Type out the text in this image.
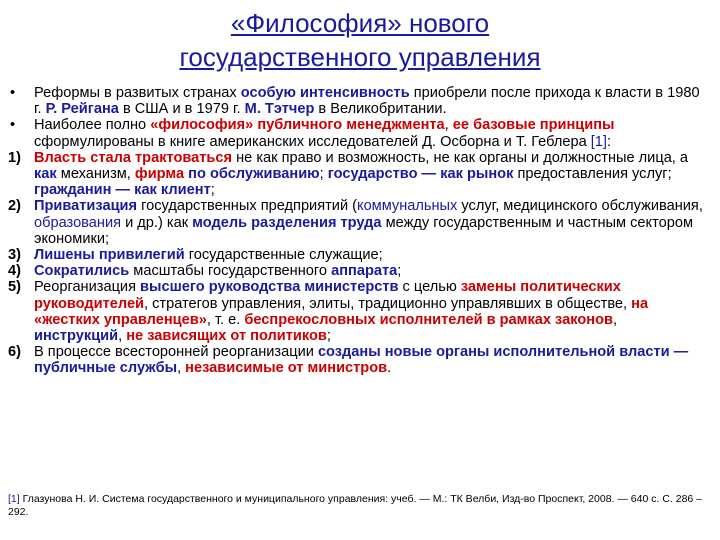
«Философия» нового
государственного управления
• Реформы в развитых странах особую интенсивность приобрели после прихода к власти в 1980 г. Р. Рейгана в США и в 1979 г. М. Тэтчер в Великобритании.
• Наиболее полно «философия» публичного менеджмента, ее базовые принципы сформулированы в книге американских исследователей Д. Осборна и Т. Геблера [1]:
1) Власть стала трактоваться не как право и возможность, не как органы и должностные лица, а как механизм, фирма по обслуживанию; государство — как рынок предоставления услуг; гражданин — как клиент;
2) Приватизация государственных предприятий (коммунальных услуг, медицинского обслуживания, образования и др.) как модель разделения труда между государственным и частным сектором экономики;
3) Лишены привилегий государственные служащие;
4) Сократились масштабы государственного аппарата;
5) Реорганизация высшего руководства министерств с целью замены политических руководителей, стратегов управления, элиты, традиционно управлявших в обществе, на «жестких управленцев», т. е. беспрекословных исполнителей в рамках законов, инструкций, не зависящих от политиков;
6) В процессе всесторонней реорганизации созданы новые органы исполнительной власти — публичные службы, независимые от министров.
[1] Глазунова Н. И. Система государственного и муниципального управления: учеб. — М.: ТК Велби, Изд-во Проспект, 2008. — 640 с. С. 286 – 292.
